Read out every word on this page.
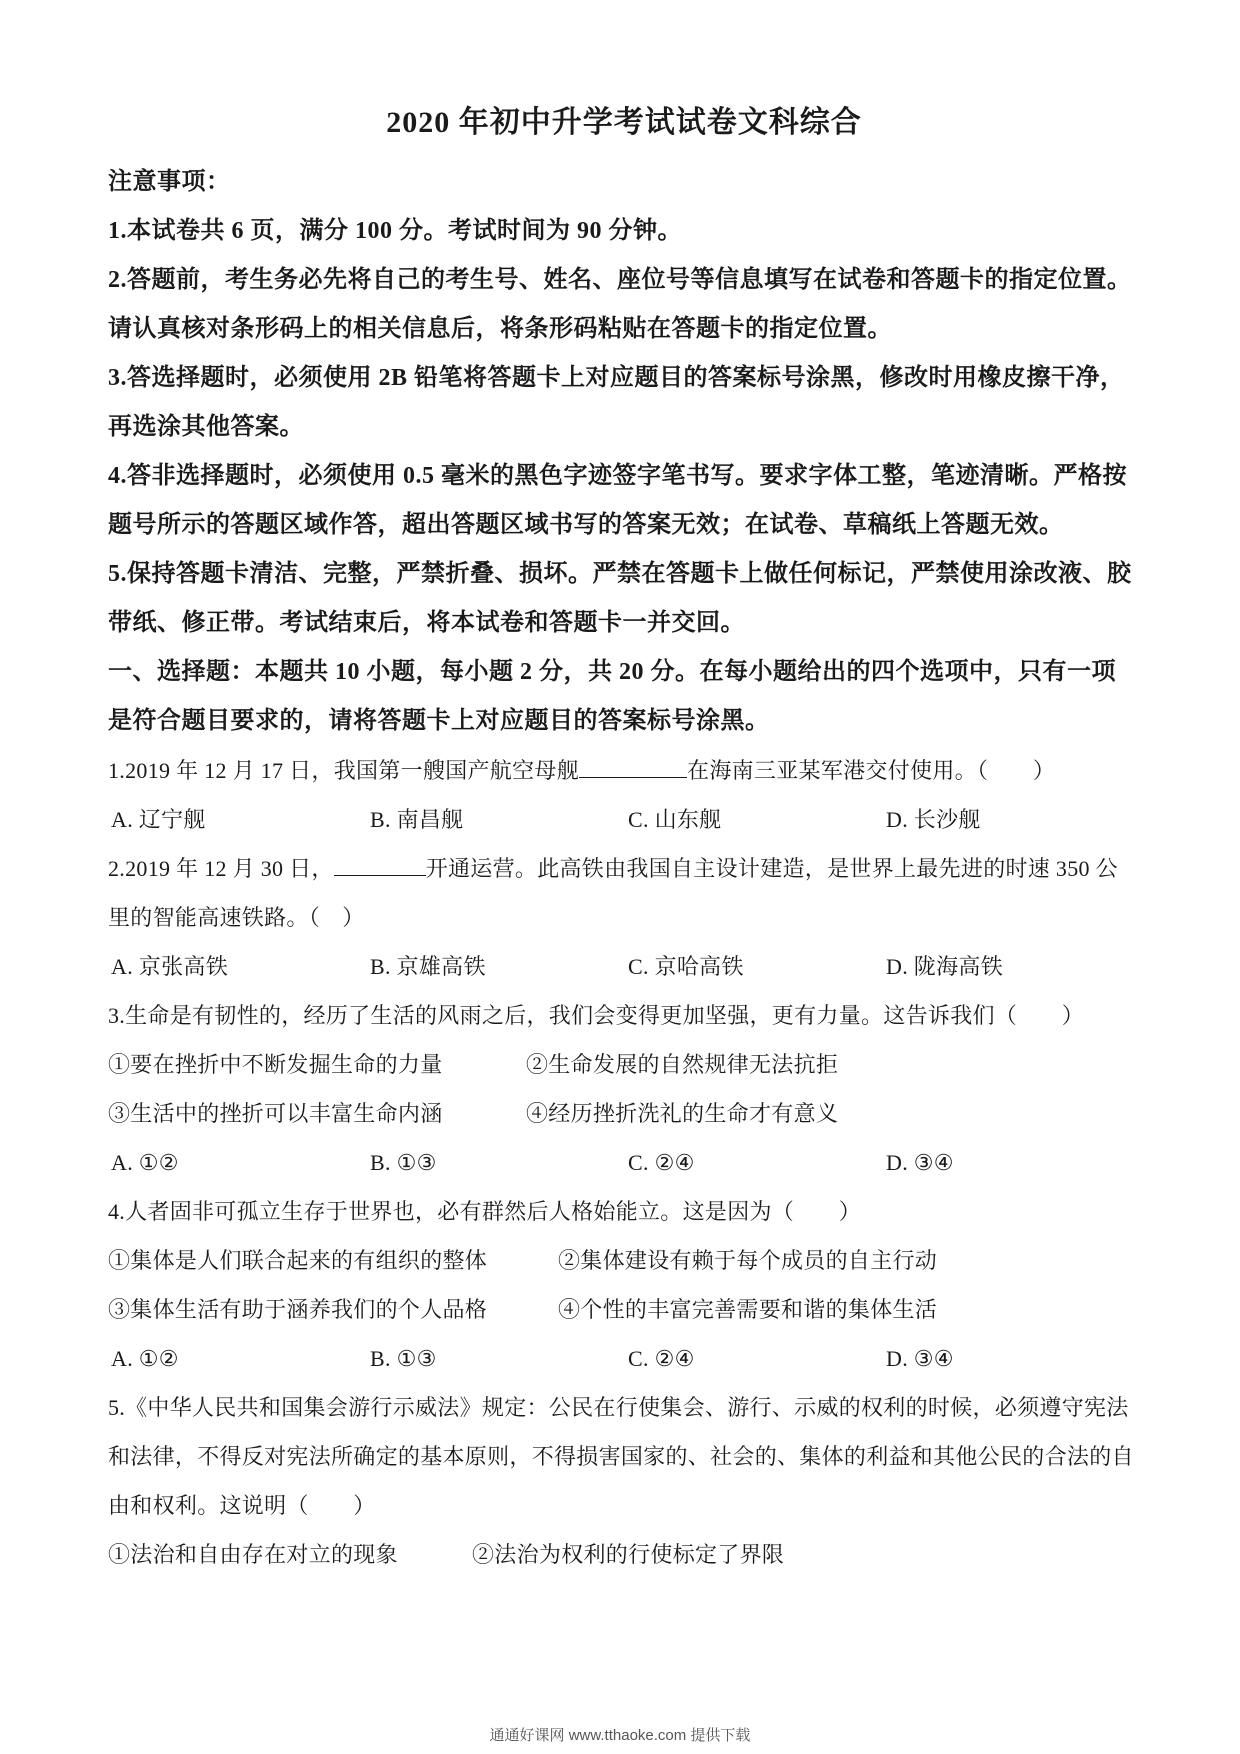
2020 年初中升学考试试卷文科综合
注意事项：
1.本试卷共 6 页，满分 100 分。考试时间为 90 分钟。
2.答题前，考生务必先将自己的考生号、姓名、座位号等信息填写在试卷和答题卡的指定位置。请认真核对条形码上的相关信息后，将条形码粘贴在答题卡的指定位置。
3.答选择题时，必须使用 2B 铅笔将答题卡上对应题目的答案标号涂黑，修改时用橡皮擦干净，再选涂其他答案。
4.答非选择题时，必须使用 0.5 毫米的黑色字迹签字笔书写。要求字体工整，笔迹清晰。严格按题号所示的答题区域作答，超出答题区域书写的答案无效；在试卷、草稿纸上答题无效。
5.保持答题卡清洁、完整，严禁折叠、损坏。严禁在答题卡上做任何标记，严禁使用涂改液、胶带纸、修正带。考试结束后，将本试卷和答题卡一并交回。
一、选择题：本题共 10 小题，每小题 2 分，共 20 分。在每小题给出的四个选项中，只有一项是符合题目要求的，请将答题卡上对应题目的答案标号涂黑。
1.2019 年 12 月 17 日，我国第一艘国产航空母舰	在海南三亚某军港交付使用。（　　）
A. 辽宁舰	B. 南昌舰	C. 山东舰	D. 长沙舰
2.2019 年 12 月 30 日，	开通运营。此高铁由我国自主设计建造，是世界上最先进的时速 350 公里的智能高速铁路。（　）
A. 京张高铁	B. 京雄高铁	C. 京哈高铁	D. 陇海高铁
3.生命是有韧性的，经历了生活的风雨之后，我们会变得更加坚强，更有力量。这告诉我们（　　）
①要在挫折中不断发掘生命的力量	②生命发展的自然规律无法抗拒
③生活中的挫折可以丰富生命内涵	④经历挫折洗礼的生命才有意义
A. ①②	B. ①③	C. ②④	D. ③④
4.人者固非可孤立生存于世界也，必有群然后人格始能立。这是因为（　　）
①集体是人们联合起来的有组织的整体	②集体建设有赖于每个成员的自主行动
③集体生活有助于涵养我们的个人品格	④个性的丰富完善需要和谐的集体生活
A. ①②	B. ①③	C. ②④	D. ③④
5.《中华人民共和国集会游行示威法》规定：公民在行使集会、游行、示威的权利的时候，必须遵守宪法和法律，不得反对宪法所确定的基本原则，不得损害国家的、社会的、集体的利益和其他公民的合法的自由和权利。这说明（　　）
①法治和自由存在对立的现象	②法治为权利的行使标定了界限
通通好课网 www.tthaoke.com 提供下载
